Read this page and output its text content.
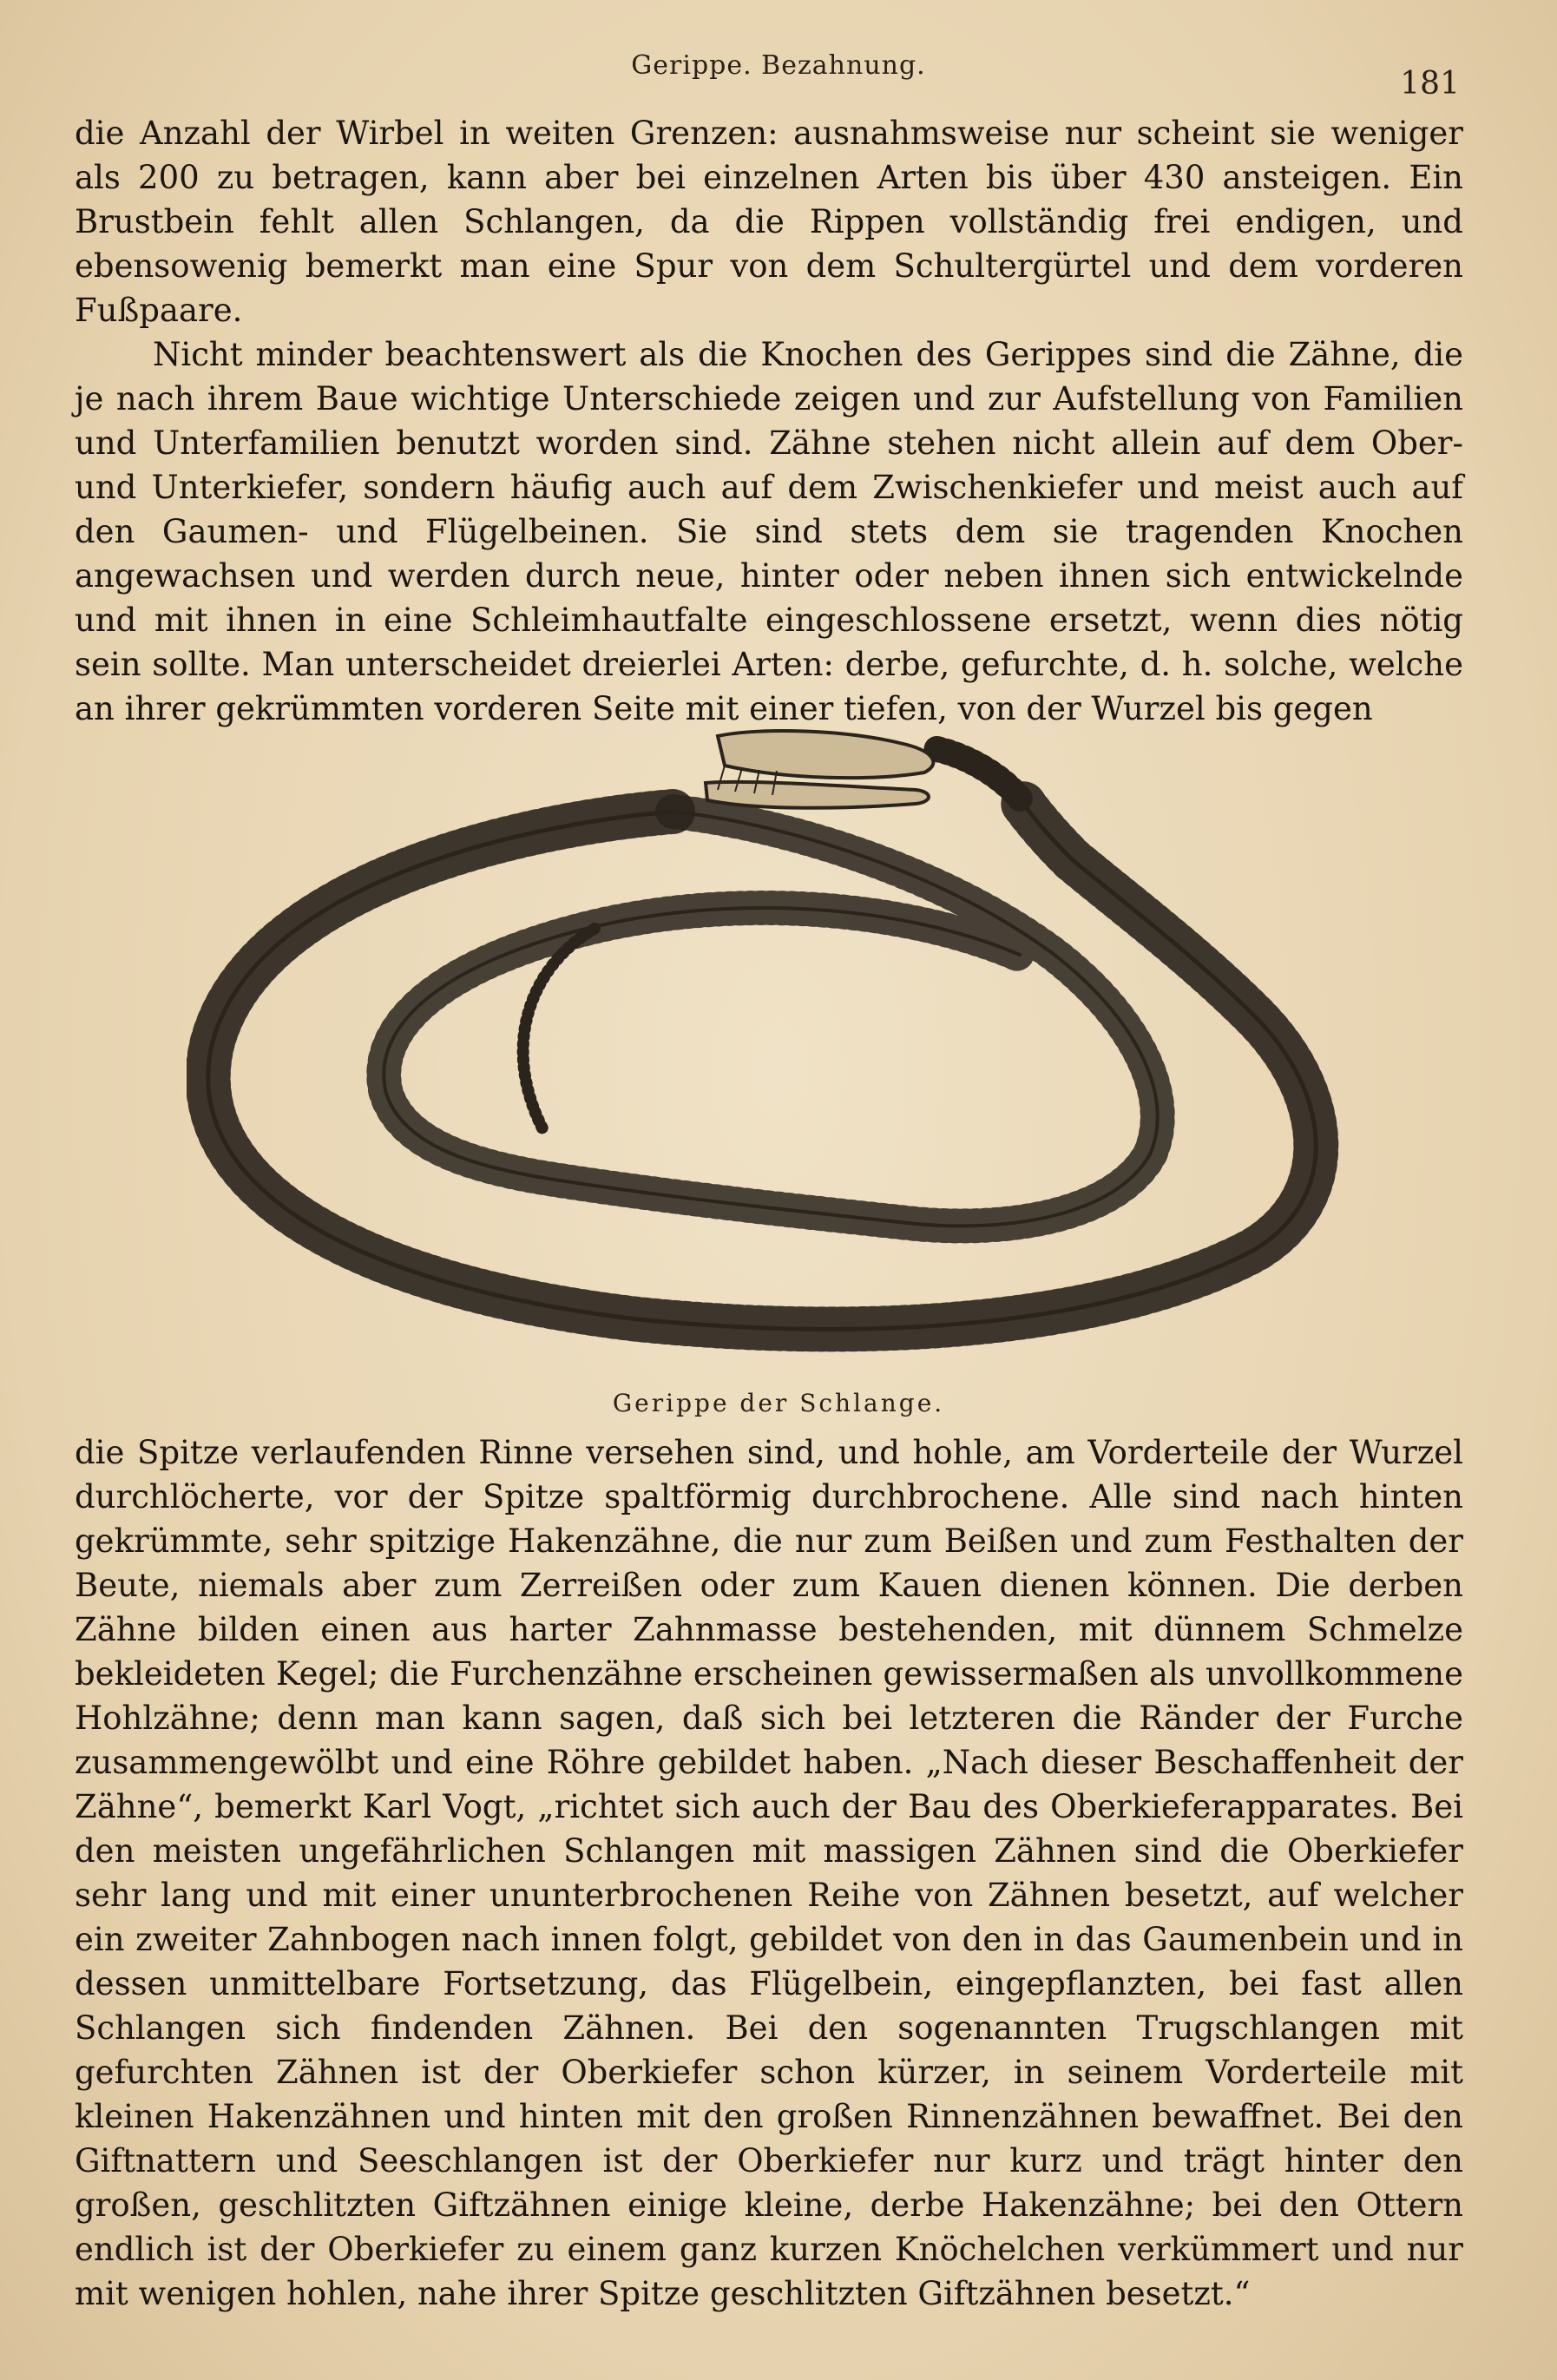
Gerippe. Bezahnung.
181

die Anzahl der Wirbel in weiten Grenzen: ausnahmsweise nur scheint sie weniger als 200 zu betragen, kann aber bei einzelnen Arten bis über 430 ansteigen. Ein Brustbein fehlt allen Schlangen, da die Rippen vollständig frei endigen, und ebensowenig bemerkt man eine Spur von dem Schultergürtel und dem vorderen Fußpaare.

Nicht minder beachtenswert als die Knochen des Gerippes sind die Zähne, die je nach ihrem Baue wichtige Unterschiede zeigen und zur Aufstellung von Familien und Unterfamilien benutzt worden sind. Zähne stehen nicht allein auf dem Ober- und Unterkiefer, sondern häufig auch auf dem Zwischenkiefer und meist auch auf den Gaumen- und Flügelbeinen. Sie sind stets dem sie tragenden Knochen angewachsen und werden durch neue, hinter oder neben ihnen sich entwickelnde und mit ihnen in eine Schleimhautfalte eingeschlossene ersetzt, wenn dies nötig sein sollte. Man unterscheidet dreierlei Arten: derbe, gefurchte, d. h. solche, welche an ihrer gekrümmten vorderen Seite mit einer tiefen, von der Wurzel bis gegen

Gerippe der Schlange.

die Spitze verlaufenden Rinne versehen sind, und hohle, am Vorderteile der Wurzel durchlöcherte, vor der Spitze spaltförmig durchbrochene. Alle sind nach hinten gekrümmte, sehr spitzige Hakenzähne, die nur zum Beißen und zum Festhalten der Beute, niemals aber zum Zerreißen oder zum Kauen dienen können. Die derben Zähne bilden einen aus harter Zahnmasse bestehenden, mit dünnem Schmelze bekleideten Kegel; die Furchenzähne erscheinen gewissermaßen als unvollkommene Hohlzähne; denn man kann sagen, daß sich bei letzteren die Ränder der Furche zusammengewölbt und eine Röhre gebildet haben. „Nach dieser Beschaffenheit der Zähne“, bemerkt Karl Vogt, „richtet sich auch der Bau des Oberkieferapparates. Bei den meisten ungefährlichen Schlangen mit massigen Zähnen sind die Oberkiefer sehr lang und mit einer ununterbrochenen Reihe von Zähnen besetzt, auf welcher ein zweiter Zahnbogen nach innen folgt, gebildet von den in das Gaumenbein und in dessen unmittelbare Fortsetzung, das Flügelbein, eingepflanzten, bei fast allen Schlangen sich findenden Zähnen. Bei den sogenannten Trugschlangen mit gefurchten Zähnen ist der Oberkiefer schon kürzer, in seinem Vorderteile mit kleinen Hakenzähnen und hinten mit den großen Rinnenzähnen bewaffnet. Bei den Giftnattern und Seeschlangen ist der Oberkiefer nur kurz und trägt hinter den großen, geschlitzten Giftzähnen einige kleine, derbe Hakenzähne; bei den Ottern endlich ist der Oberkiefer zu einem ganz kurzen Knöchelchen verkümmert und nur mit wenigen hohlen, nahe ihrer Spitze geschlitzten Giftzähnen besetzt.“
